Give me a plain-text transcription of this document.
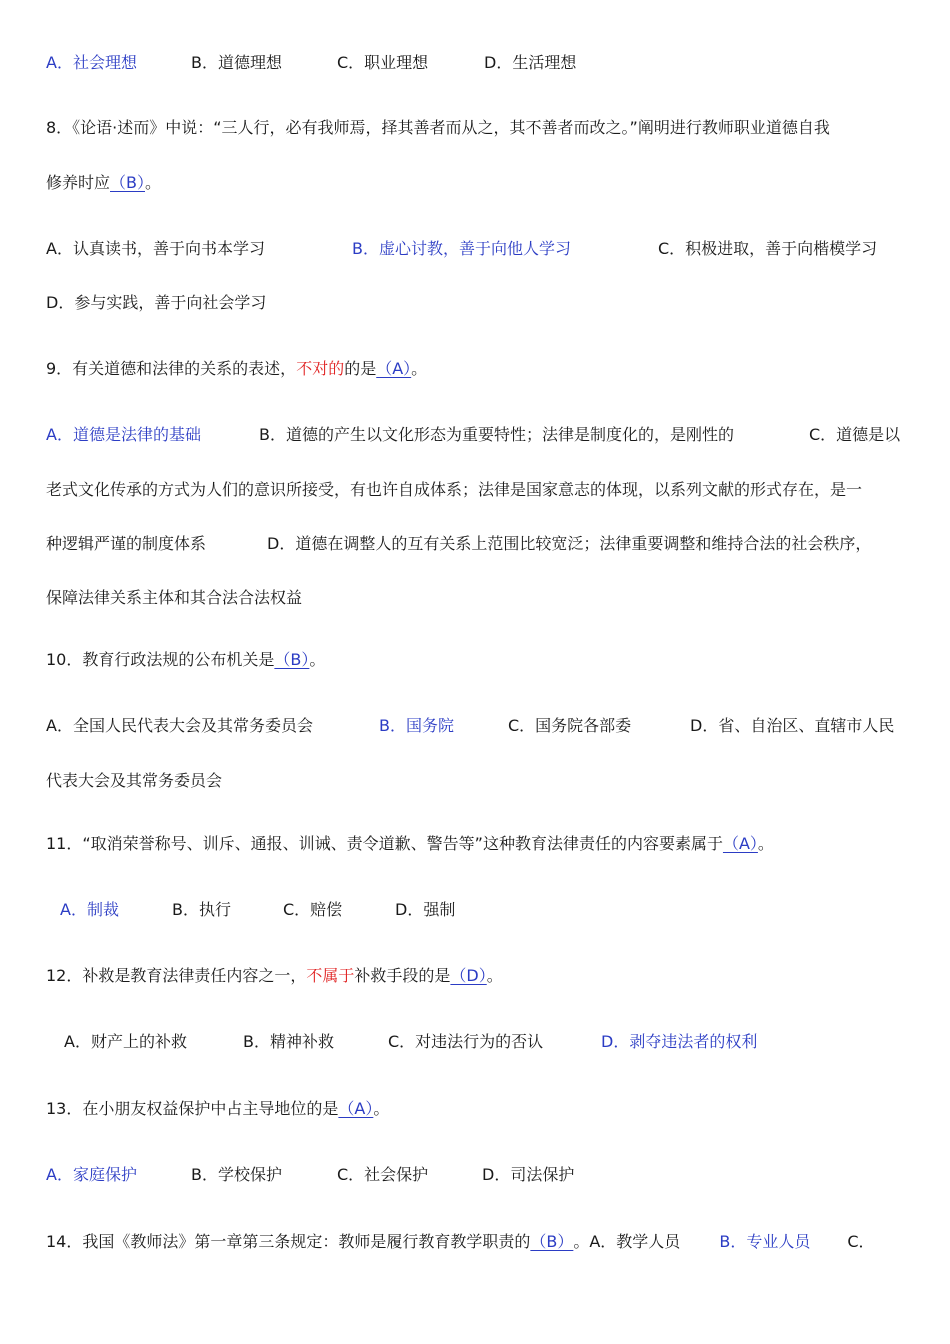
A．社会理想	B．道德理想	C．职业理想	D．生活理想
8．《论语·述而》中说：“三人行，必有我师焉，择其善者而从之，其不善者而改之。”阐明进行教师职业道德自我
修养时应（B）。
A．认真读书，善于向书本学习	B．虚心讨教，善于向他人学习	C．积极进取，善于向楷模学习
D．参与实践，善于向社会学习
9．有关道德和法律的关系的表述，不对的的是（A）。
A．道德是法律的基础	B．道德的产生以文化形态为重要特性；法律是制度化的，是刚性的	C．道德是以
老式文化传承的方式为人们的意识所接受，有也许自成体系；法律是国家意志的体现，以系列文献的形式存在，是一
种逻辑严谨的制度体系	D．道德在调整人的互有关系上范围比较宽泛；法律重要调整和维持合法的社会秩序，
保障法律关系主体和其合法合法权益
10．教育行政法规的公布机关是（B）。
A．全国人民代表大会及其常务委员会	B．国务院	C．国务院各部委	D．省、自治区、直辖市人民
代表大会及其常务委员会
11．“取消荣誉称号、训斥、通报、训诫、责令道歉、警告等”这种教育法律责任的内容要素属于（A）。
A．制裁	B．执行	C．赔偿	D．强制
12．补救是教育法律责任内容之一，不属于补救手段的是（D）。
A．财产上的补救	B．精神补救	C．对违法行为的否认	D．剥夺违法者的权利
13．在小朋友权益保护中占主导地位的是（A）。
A．家庭保护	B．学校保护	C．社会保护	D．司法保护
14．我国《教师法》第一章第三条规定：教师是履行教育教学职责的（B）。A．教学人员 B．专业人员 C．
